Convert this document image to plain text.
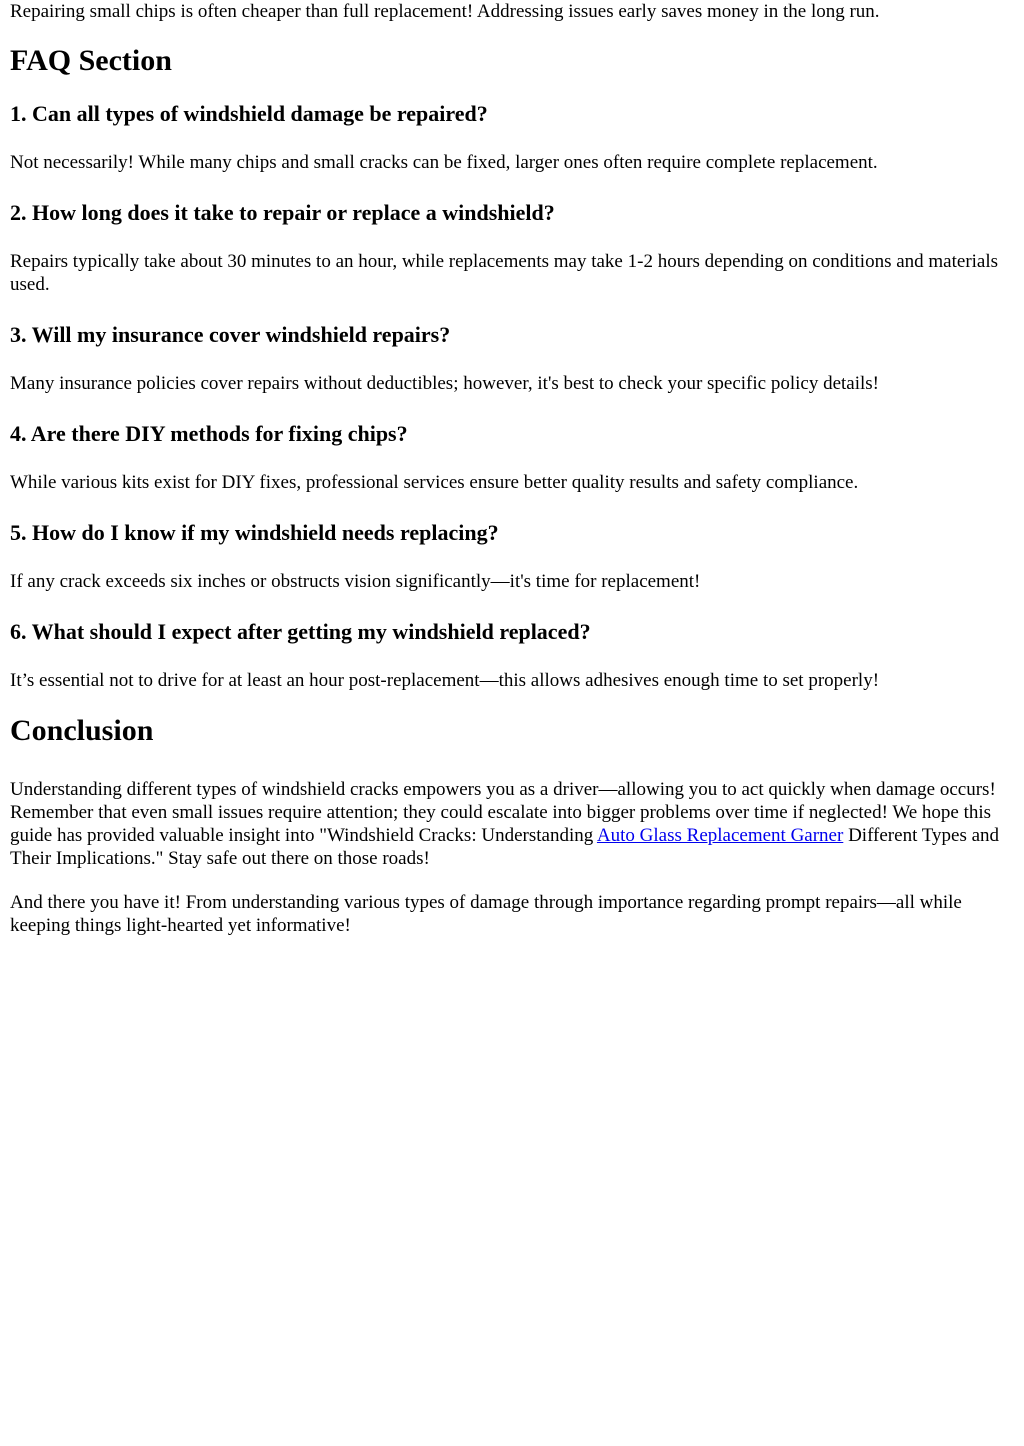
Repairing small chips is often cheaper than full replacement! Addressing issues early saves money in the long run.

FAQ Section
1. Can all types of windshield damage be repaired?

Not necessarily! While many chips and small cracks can be fixed, larger ones often require complete replacement.

2. How long does it take to repair or replace a windshield?

Repairs typically take about 30 minutes to an hour, while replacements may take 1-2 hours depending on conditions and materials used.

3. Will my insurance cover windshield repairs?

Many insurance policies cover repairs without deductibles; however, it's best to check your specific policy details!

4. Are there DIY methods for fixing chips?

While various kits exist for DIY fixes, professional services ensure better quality results and safety compliance.

5. How do I know if my windshield needs replacing?

If any crack exceeds six inches or obstructs vision significantly—it's time for replacement!

6. What should I expect after getting my windshield replaced?

It’s essential not to drive for at least an hour post-replacement—this allows adhesives enough time to set properly!

Conclusion

Understanding different types of windshield cracks empowers you as a driver—allowing you to act quickly when damage occurs! Remember that even small issues require attention; they could escalate into bigger problems over time if neglected! We hope this guide has provided valuable insight into "Windshield Cracks: Understanding Auto Glass Replacement Garner Different Types and Their Implications." Stay safe out there on those roads!

And there you have it! From understanding various types of damage through importance regarding prompt repairs—all while keeping things light-hearted yet informative!
